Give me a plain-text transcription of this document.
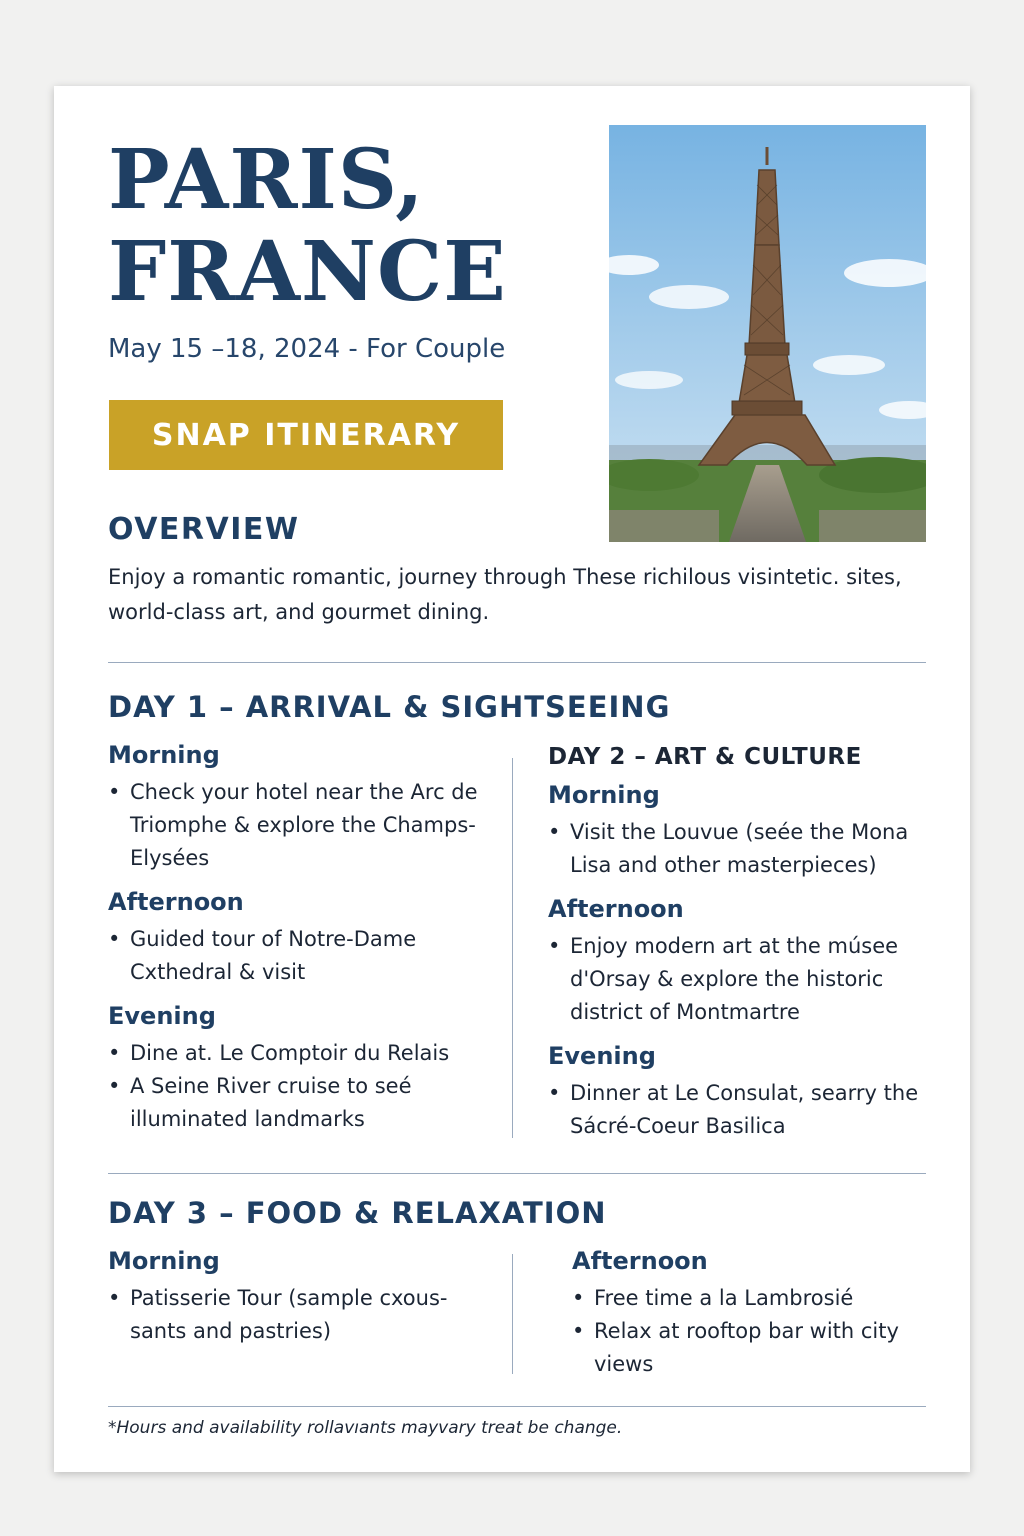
PARIS,
FRANCE
May 15 –18, 2024 - For Couple
SNAP ITINERARY
OVERVIEW

Enjoy a romantic romantic, journey through These richilous visintetic. sites, world-class art, and gourmet dining.

DAY 1 – ARRIVAL & SIGHTSEEING
Morning
• Check your hotel near the Arc de Triomphe & explore the Champs-Elysées
Afternoon
• Guided tour of Notre-Dame Cxthedral & visit
Evening
• Dine at. Le Comptoir du Relais
• A Seine River cruise to seé illuminated landmarks
DAY 2 – ART & CULTURE
Morning
• Visit the Louvue (seée the Mona Lisa and other masterpieces)
Afternoon
• Enjoy modern art at the músee d'Orsay & explore the historic district of Montmartre
Evening
• Dinner at Le Consulat, searry the Sácré-Coeur Basilica
DAY 3 – FOOD & RELAXATION
Morning
• Patisserie Tour (sample cxous-sants and pastries)
Afternoon
• Free time a la Lambrosié
• Relax at rooftop bar with city views

*Hours and availability rollavıants mayvary treat be change.
